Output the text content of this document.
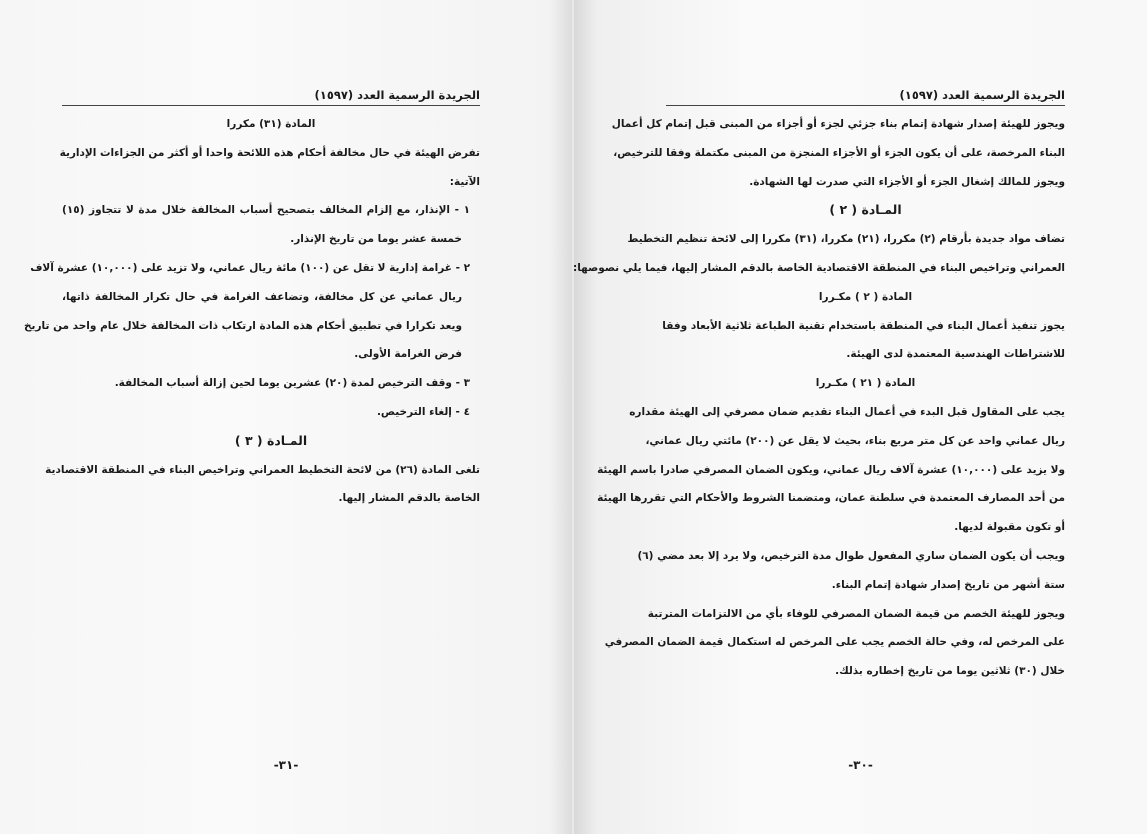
الجريدة الرسمية العدد (١٥٩٧)
المادة (٣١) مكررا
تفرض الهيئة في حال مخالفة أحكام هذه اللائحة واحدا أو أكثر من الجزاءات الإدارية
الآتية:
١ - الإنذار، مع إلزام المخالف بتصحيح أسباب المخالفة خلال مدة لا تتجاوز (١٥)
خمسة عشر يوما من تاريخ الإنذار.
٢ - غرامة إدارية لا تقل عن (١٠٠) مائة ريال عماني، ولا تزيد على (١٠,٠٠٠) عشرة آلاف
ريال عماني عن كل مخالفة، وتضاعف الغرامة في حال تكرار المخالفة ذاتها،
ويعد تكرارا في تطبيق أحكام هذه المادة ارتكاب ذات المخالفة خلال عام واحد من تاريخ
فرض الغرامة الأولى.
٣ - وقف الترخيص لمدة (٢٠) عشرين يوما لحين إزالة أسباب المخالفة.
٤ - إلغاء الترخيص.
المـادة ( ٣ )
تلغى المادة (٢٦) من لائحة التخطيط العمراني وتراخيص البناء في المنطقة الاقتصادية
الخاصة بالدقم المشار إليها.
-٣١-
الجريدة الرسمية العدد (١٥٩٧)
ويجوز للهيئة إصدار شهادة إتمام بناء جزئي لجزء أو أجزاء من المبنى قبل إتمام كل أعمال
البناء المرخصة، على أن يكون الجزء أو الأجزاء المنجزة من المبنى مكتملة وفقا للترخيص،
ويجوز للمالك إشغال الجزء أو الأجزاء التي صدرت لها الشهادة.
المـادة ( ٢ )
تضاف مواد جديدة بأرقام (٢) مكررا، (٢١) مكررا، (٣١) مكررا إلى لائحة تنظيم التخطيط
العمراني وتراخيص البناء في المنطقة الاقتصادية الخاصة بالدقم المشار إليها، فيما يلي نصوصها:
المادة ( ٢ ) مكـررا
يجوز تنفيذ أعمال البناء في المنطقة باستخدام تقنية الطباعة ثلاثية الأبعاد وفقا
للاشتراطات الهندسية المعتمدة لدى الهيئة.
المادة ( ٢١ ) مكـررا
يجب على المقاول قبل البدء في أعمال البناء تقديم ضمان مصرفي إلى الهيئة مقداره
ريال عماني واحد عن كل متر مربع بناء، بحيث لا يقل عن (٢٠٠) مائتي ريال عماني،
ولا يزيد على (١٠,٠٠٠) عشرة آلاف ريال عماني، ويكون الضمان المصرفي صادرا باسم الهيئة
من أحد المصارف المعتمدة في سلطنة عمان، ومتضمنا الشروط والأحكام التي تقررها الهيئة
أو تكون مقبولة لديها.
ويجب أن يكون الضمان ساري المفعول طوال مدة الترخيص، ولا يرد إلا بعد مضي (٦)
ستة أشهر من تاريخ إصدار شهادة إتمام البناء.
ويجوز للهيئة الخصم من قيمة الضمان المصرفي للوفاء بأي من الالتزامات المترتبة
على المرخص له، وفي حالة الخصم يجب على المرخص له استكمال قيمة الضمان المصرفي
خلال (٣٠) ثلاثين يوما من تاريخ إخطاره بذلك.
-٣٠-
